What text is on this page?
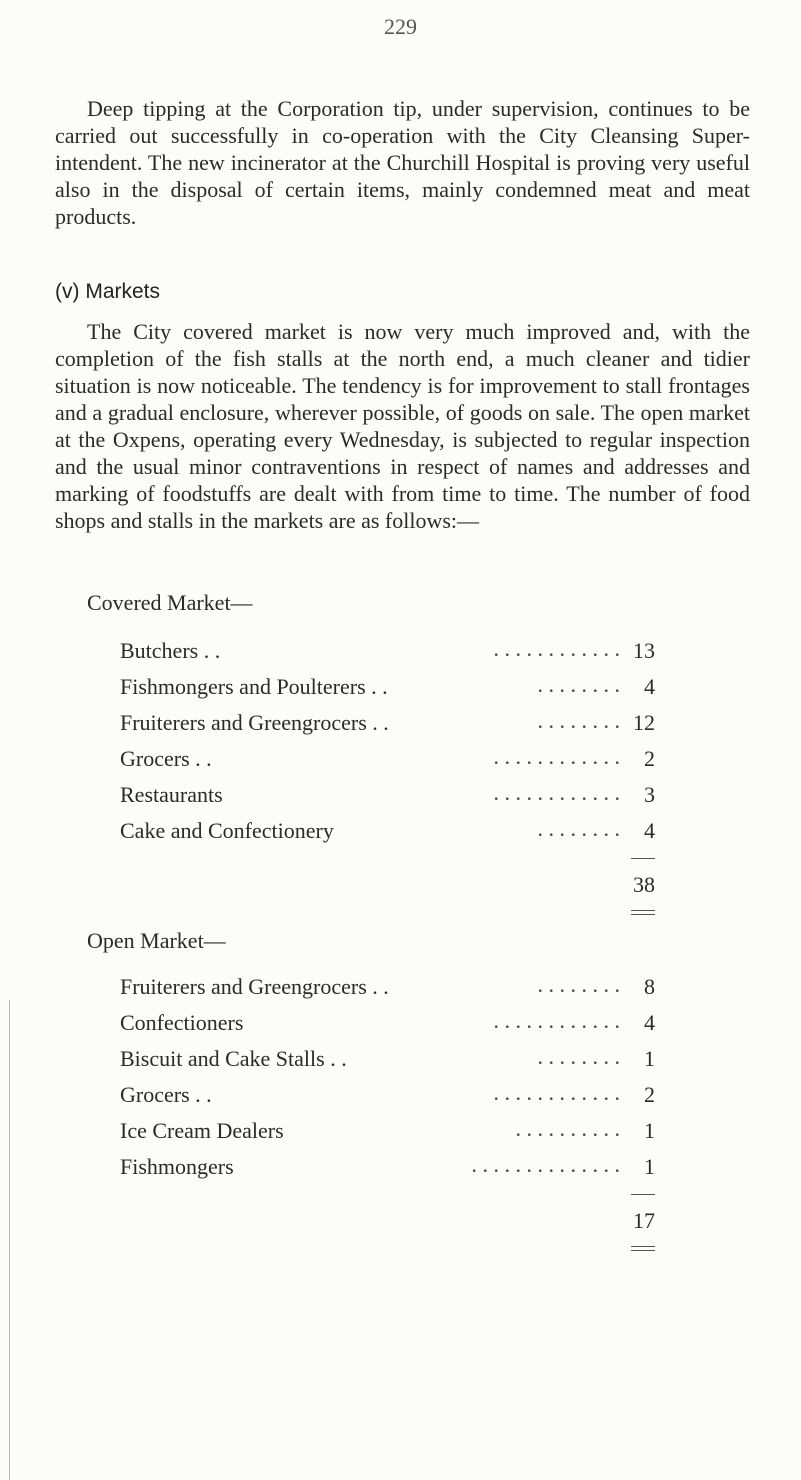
229

Deep tipping at the Corporation tip, under supervision, continues to be carried out successfully in co-operation with the City Cleansing Super-intendent. The new incinerator at the Churchill Hospital is proving very useful also in the disposal of certain items, mainly condemned meat and meat products.

(v) Markets

The City covered market is now very much improved and, with the completion of the fish stalls at the north end, a much cleaner and tidier situation is now noticeable. The tendency is for improvement to stall frontages and a gradual enclosure, wherever possible, of goods on sale. The open market at the Oxpens, operating every Wednesday, is subjected to regular inspection and the usual minor contraventions in respect of names and addresses and marking of foodstuffs are dealt with from time to time. The number of food shops and stalls in the markets are as follows:—

Covered Market—
Butchers . .
Fishmongers and Poulterers . .
Fruiterers and Greengrocers . .
Grocers . .
Restaurants
Cake and Confectionery
. . . . . . . . . . . .
. . . . . . . .
. . . . . . . .
. . . . . . . . . . . .
. . . . . . . . . . . .
. . . . . . . .
13
4
12
2
3
4
38
Open Market—
Fruiterers and Greengrocers . .
Confectioners
Biscuit and Cake Stalls . .
Grocers . .
Ice Cream Dealers
Fishmongers
. . . . . . . .
. . . . . . . . . . . .
. . . . . . . .
. . . . . . . . . . . .
. . . . . . . . . .
. . . . . . . . . . . . . .
8
4
1
2
1
1
17
